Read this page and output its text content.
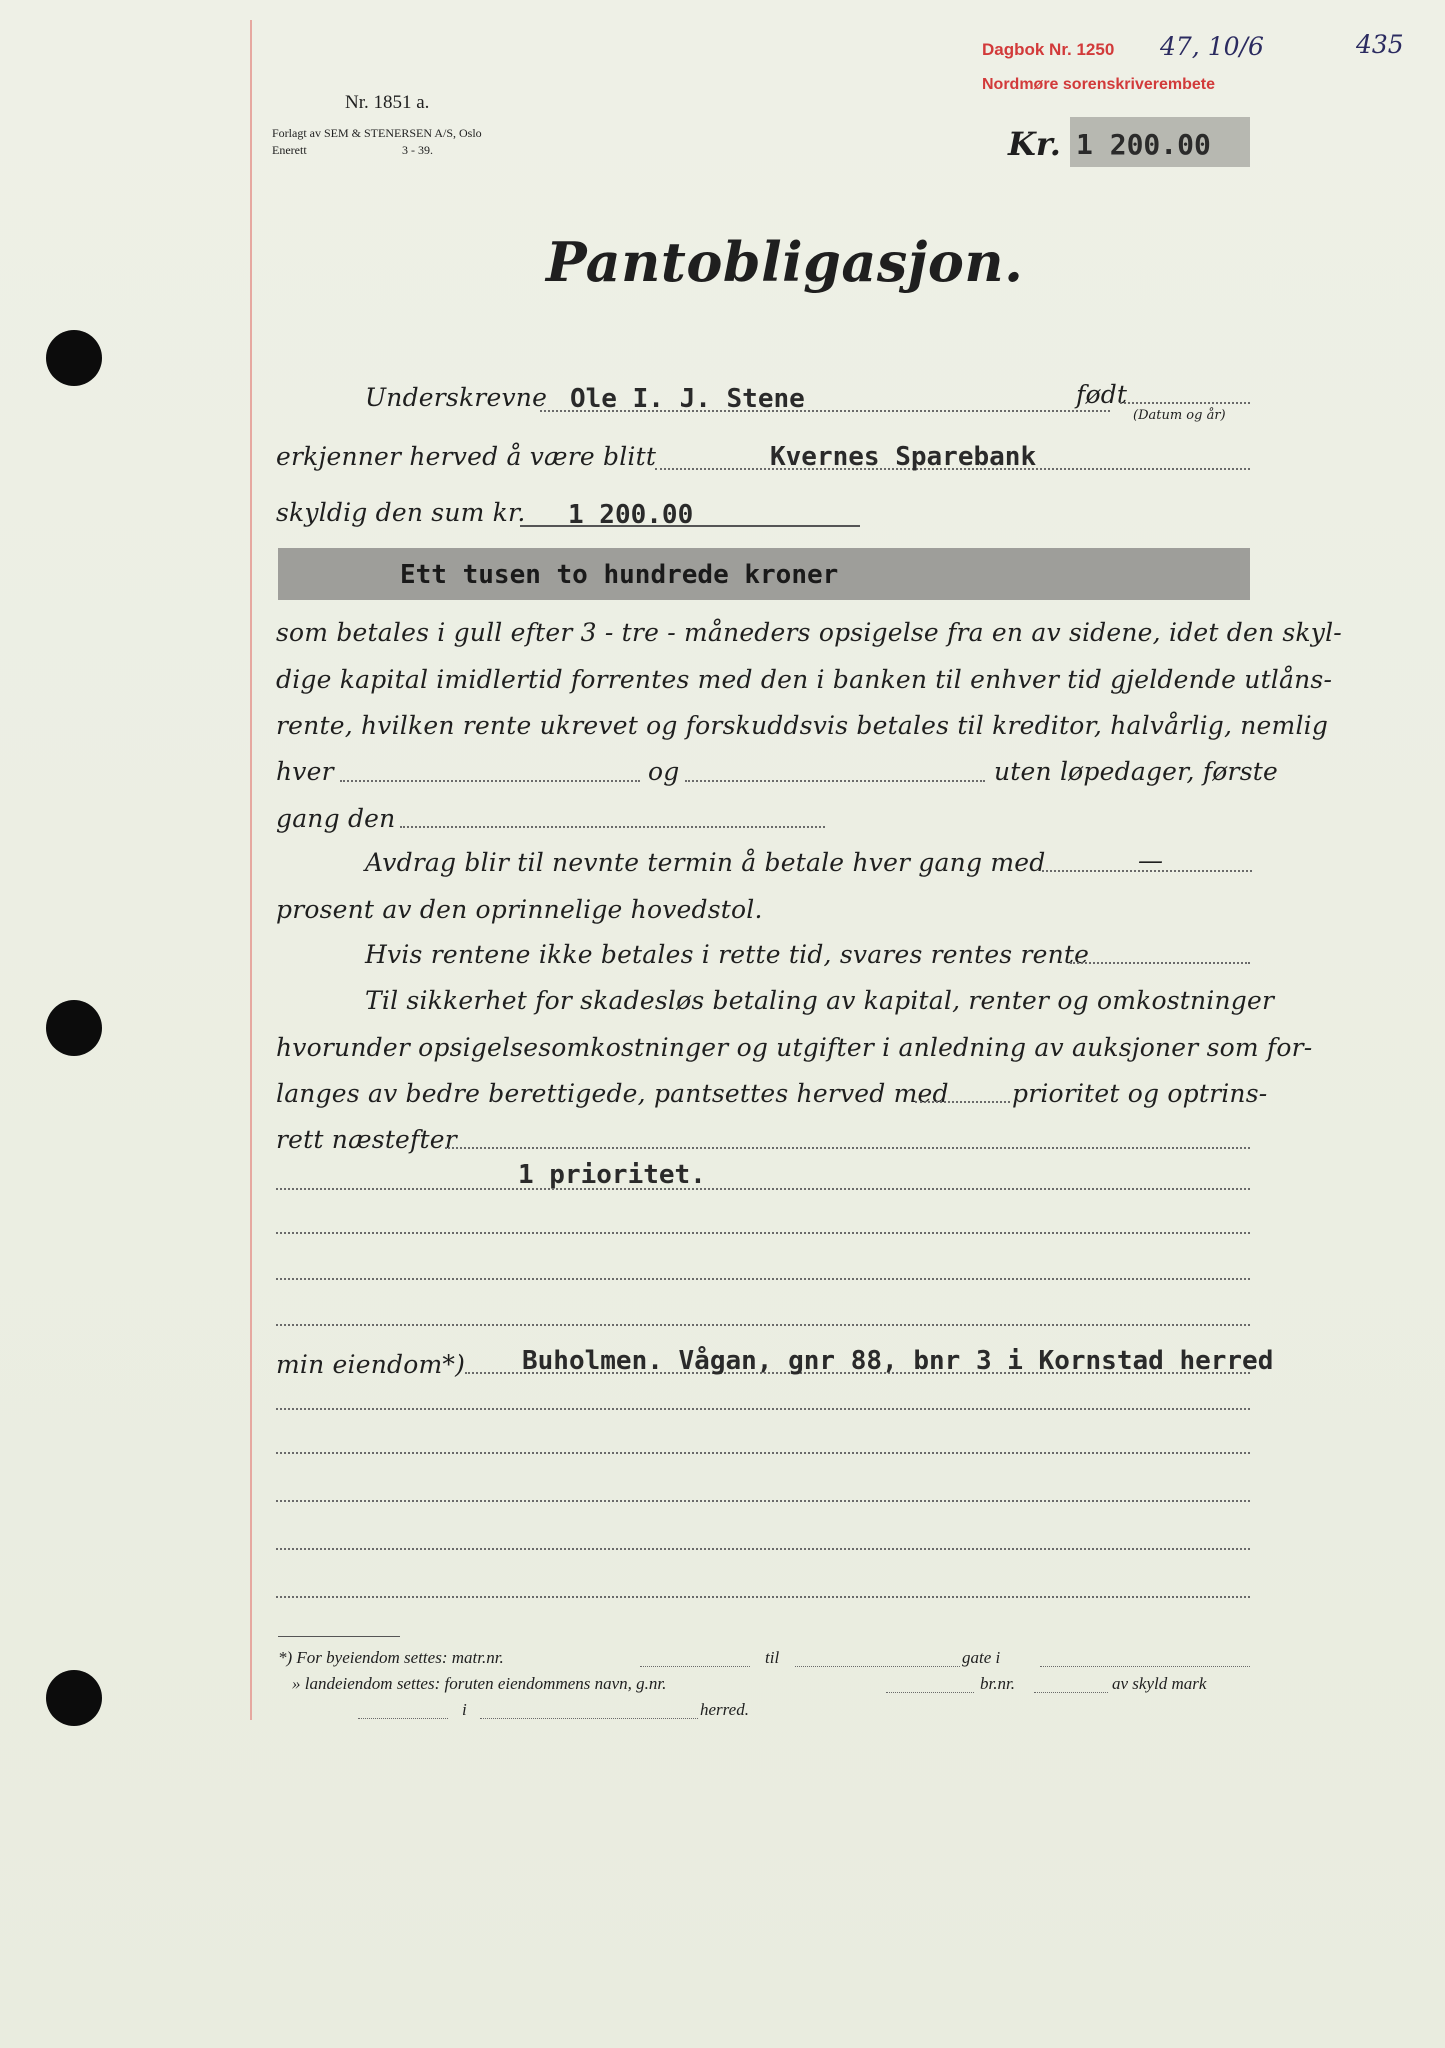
Dagbok Nr. 1250
Nordmøre sorenskriverembete
47, 10/6	435
Nr. 1851 a.
Forlagt av SEM & STENERSEN A/S, Oslo
Enerett	3 - 39.	Kr. 1 200.00
Pantobligasjon.
Underskrevne Ole I. J. Stene	født
(Datum og år)
erkjenner herved å være blitt	Kvernes Sparebank
skyldig den sum kr. 1 200.00
Ett tusen to hundrede kroner
som betales i gull efter 3 - tre - måneders opsigelse fra en av sidene, idet den skyl-
dige kapital imidlertid forrentes med den i banken til enhver tid gjeldende utlåns-
rente, hvilken rente ukrevet og forskuddsvis betales til kreditor, halvårlig, nemlig
hver	og	uten løpedager, første
gang den
Avdrag blir til nevnte termin å betale hver gang med	—
prosent av den oprinnelige hovedstol.
Hvis rentene ikke betales i rette tid, svares rentes rente
Til sikkerhet for skadesløs betaling av kapital, renter og omkostninger
hvorunder opsigelsesomkostninger og utgifter i anledning av auksjoner som for-
langes av bedre berettigede, pantsettes herved med	prioritet og optrins-
rett næstefter
1 prioritet.
min eiendom*) Buholmen. Vågan, gnr 88, bnr 3 i Kornstad herred
*) For byeiendom settes: matr.nr.	til	gate i
» landeiendom settes: foruten eiendommens navn, g.nr.	br.nr.	av skyld mark
i	herred.
